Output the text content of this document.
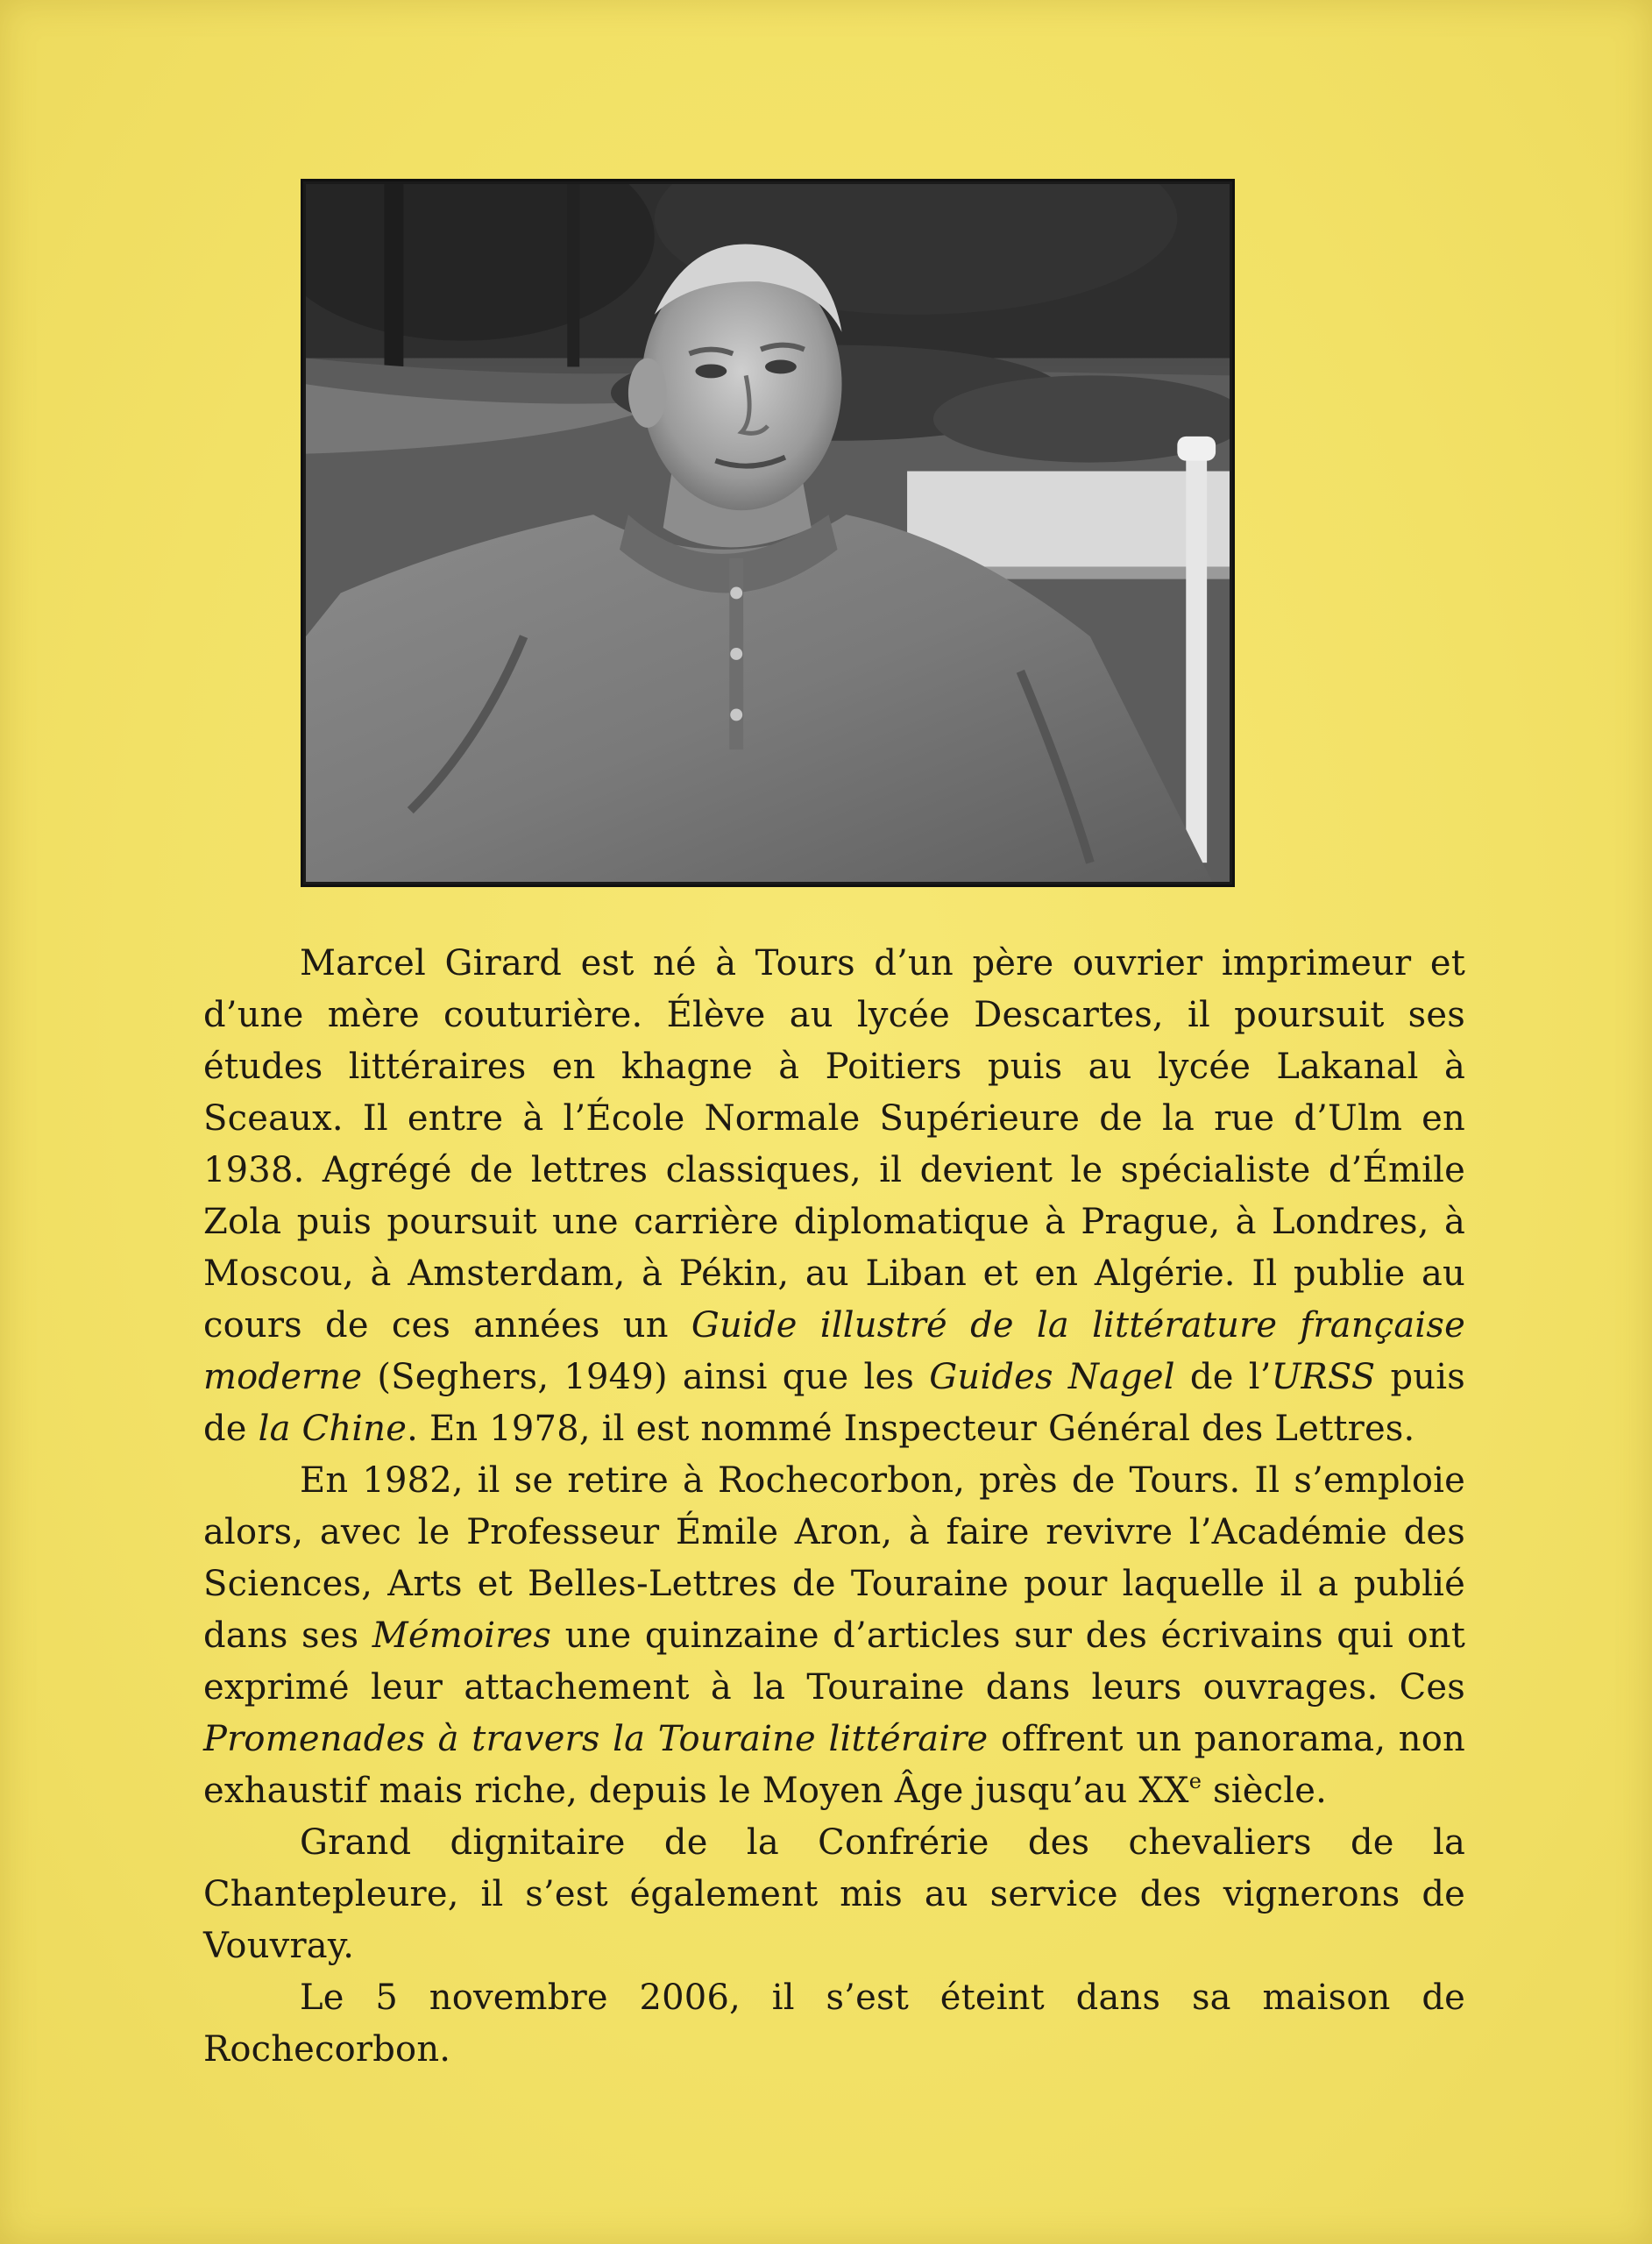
Marcel Girard est né à Tours d’un père ouvrier imprimeur et d’une mère couturière. Élève au lycée Descartes, il poursuit ses études littéraires en khagne à Poitiers puis au lycée Lakanal à Sceaux. Il entre à l’École Normale Supérieure de la rue d’Ulm en 1938. Agrégé de lettres classiques, il devient le spécialiste d’Émile Zola puis poursuit une carrière diplomatique à Prague, à Londres, à Moscou, à Amsterdam, à Pékin, au Liban et en Algérie. Il publie au cours de ces années un Guide illustré de la littérature française moderne (Seghers, 1949) ainsi que les Guides Nagel de l’URSS puis de la Chine. En 1978, il est nommé Inspecteur Général des Lettres.

En 1982, il se retire à Rochecorbon, près de Tours. Il s’emploie alors, avec le Professeur Émile Aron, à faire revivre l’Académie des Sciences, Arts et Belles-Lettres de Touraine pour laquelle il a publié dans ses Mémoires une quinzaine d’articles sur des écrivains qui ont exprimé leur attachement à la Touraine dans leurs ouvrages. Ces Promenades à travers la Touraine littéraire offrent un panorama, non exhaustif mais riche, depuis le Moyen Âge jusqu’au XXe siècle.

Grand dignitaire de la Confrérie des chevaliers de la Chantepleure, il s’est également mis au service des vignerons de Vouvray.

Le 5 novembre 2006, il s’est éteint dans sa maison de Rochecorbon.
